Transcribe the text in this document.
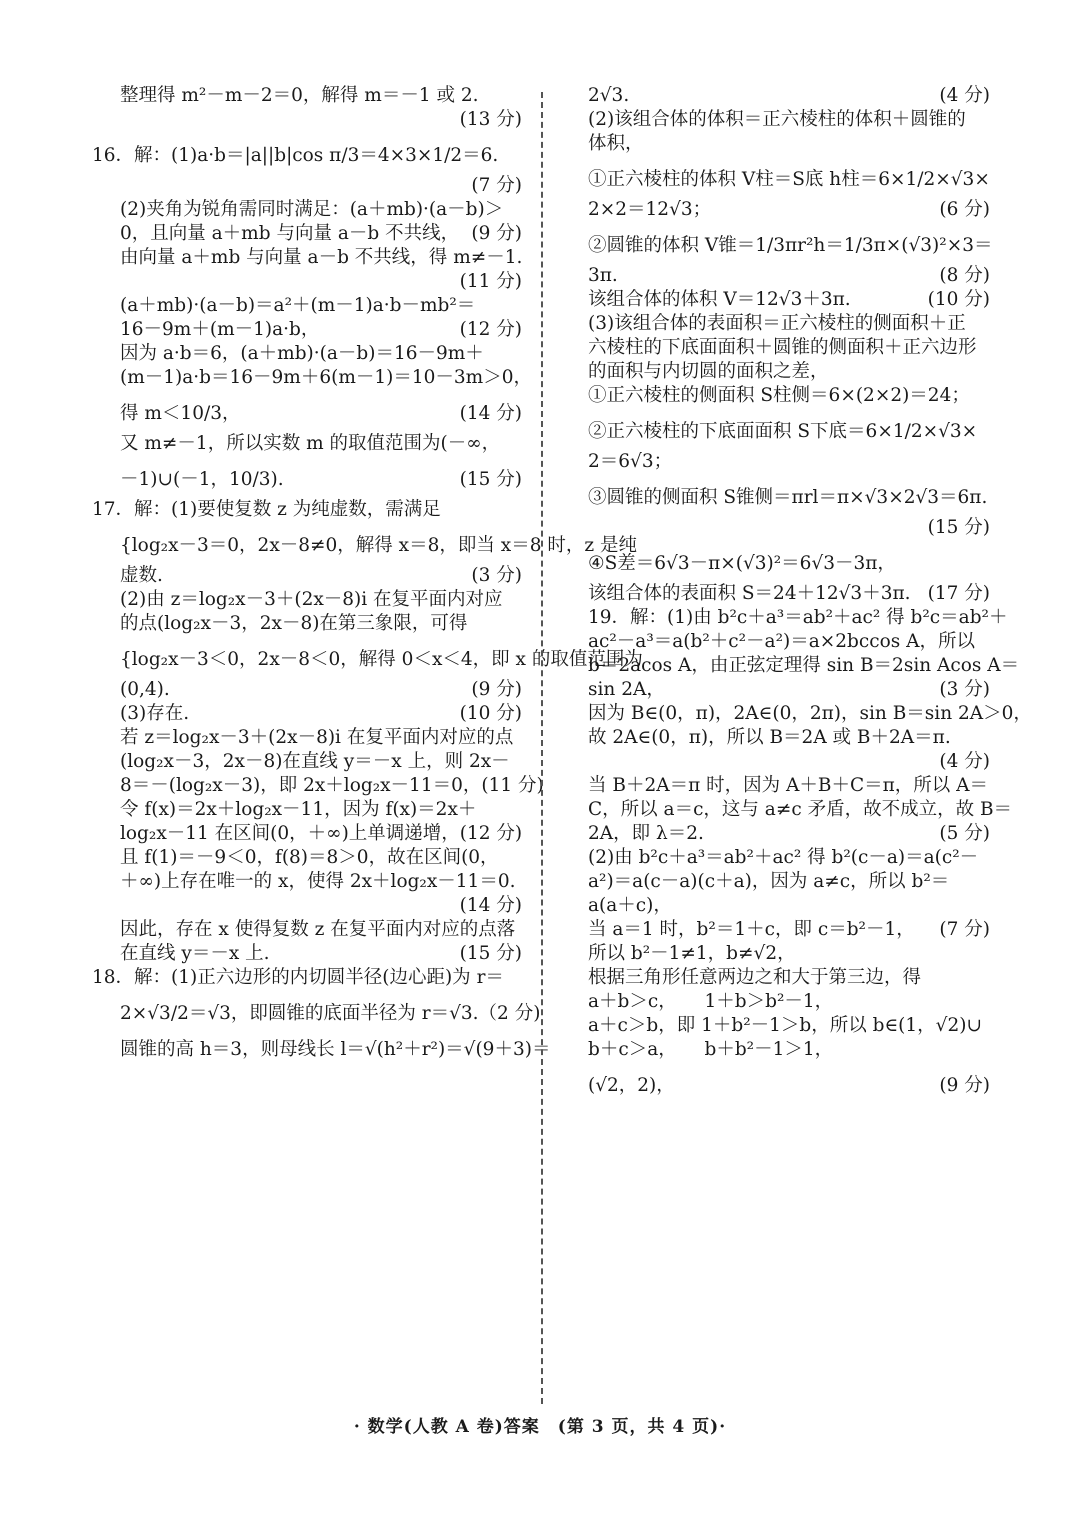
整理得 m²－m－2＝0，解得 m＝－1 或 2.
(13 分)
16．解：(1)a·b＝|a||b|cos π/3＝4×3×1/2＝6.
(7 分)
(2)夹角为锐角需同时满足：(a＋mb)·(a－b)＞
0，且向量 a＋mb 与向量 a－b 不共线， (9 分)
由向量 a＋mb 与向量 a－b 不共线，得 m≠－1.
(11 分)
(a＋mb)·(a－b)＝a²＋(m－1)a·b－mb²＝
16－9m＋(m－1)a·b，	(12 分)
因为 a·b＝6，(a＋mb)·(a－b)＝16－9m＋
(m－1)a·b＝16－9m＋6(m－1)＝10－3m＞0，
得 m＜10/3，	(14 分)
又 m≠－1，所以实数 m 的取值范围为(－∞，
－1)∪(－1，10/3).	(15 分)
17．解：(1)要使复数 z 为纯虚数，需满足
{log₂x－3＝0，2x－8≠0，解得 x＝8，即当 x＝8 时，z 是纯
虚数.	(3 分)
(2)由 z＝log₂x－3＋(2x－8)i 在复平面内对应
的点(log₂x－3，2x－8)在第三象限，可得
{log₂x－3＜0，2x－8＜0，解得 0＜x＜4，即 x 的取值范围为
(0,4).	(9 分)
(3)存在.	(10 分)
若 z＝log₂x－3＋(2x－8)i 在复平面内对应的点
(log₂x－3，2x－8)在直线 y＝－x 上，则 2x－
8＝－(log₂x－3)，即 2x＋log₂x－11＝0，(11 分)
令 f(x)＝2x＋log₂x－11，因为 f(x)＝2x＋
log₂x－11 在区间(0，＋∞)上单调递增，(12 分)
且 f(1)＝－9＜0，f(8)＝8＞0，故在区间(0，
＋∞)上存在唯一的 x，使得 2x＋log₂x－11＝0.
(14 分)
因此，存在 x 使得复数 z 在复平面内对应的点落
在直线 y＝－x 上.	(15 分)
18．解：(1)正六边形的内切圆半径(边心距)为 r＝
2×√3/2＝√3，即圆锥的底面半径为 r＝√3.（2 分)
圆锥的高 h＝3，则母线长 l＝√(h²＋r²)＝√(9＋3)＝
2√3.	(4 分)
(2)该组合体的体积＝正六棱柱的体积＋圆锥的
体积，
①正六棱柱的体积 V柱＝S底 h柱＝6×1/2×√3×
2×2＝12√3；	(6 分)
②圆锥的体积 V锥＝1/3πr²h＝1/3π×(√3)²×3＝
3π.	(8 分)
该组合体的体积 V＝12√3＋3π.	(10 分)
(3)该组合体的表面积＝正六棱柱的侧面积＋正
六棱柱的下底面面积＋圆锥的侧面积＋正六边形
的面积与内切圆的面积之差，
①正六棱柱的侧面积 S柱侧＝6×(2×2)＝24；
②正六棱柱的下底面面积 S下底＝6×1/2×√3×
2＝6√3；
③圆锥的侧面积 S锥侧＝πrl＝π×√3×2√3＝6π.
(15 分)
④S差＝6√3－π×(√3)²＝6√3－3π，
该组合体的表面积 S＝24＋12√3＋3π. (17 分)
19．解：(1)由 b²c＋a³＝ab²＋ac² 得 b²c＝ab²＋
ac²－a³＝a(b²＋c²－a²)＝a×2bccos A，所以
b＝2acos A，由正弦定理得 sin B＝2sin Acos A＝
sin 2A，	(3 分)
因为 B∈(0，π)，2A∈(0，2π)，sin B＝sin 2A＞0，
故 2A∈(0，π)，所以 B＝2A 或 B＋2A＝π.
(4 分)
当 B＋2A＝π 时，因为 A＋B＋C＝π，所以 A＝
C，所以 a＝c，这与 a≠c 矛盾，故不成立，故 B＝
2A，即 λ＝2.	(5 分)
(2)由 b²c＋a³＝ab²＋ac² 得 b²(c－a)＝a(c²－
a²)＝a(c－a)(c＋a)，因为 a≠c，所以 b²＝
a(a＋c)，
当 a＝1 时，b²＝1＋c，即 c＝b²－1， (7 分)
所以 b²－1≠1，b≠√2，
根据三角形任意两边之和大于第三边，得
a＋b＞c，　　1＋b＞b²－1，
a＋c＞b，即 1＋b²－1＞b，所以 b∈(1，√2)∪
b＋c＞a，　　b＋b²－1＞1，
(√2，2)，	(9 分)
· 数学(人教 A 卷)答案　(第 3 页，共 4 页)·
